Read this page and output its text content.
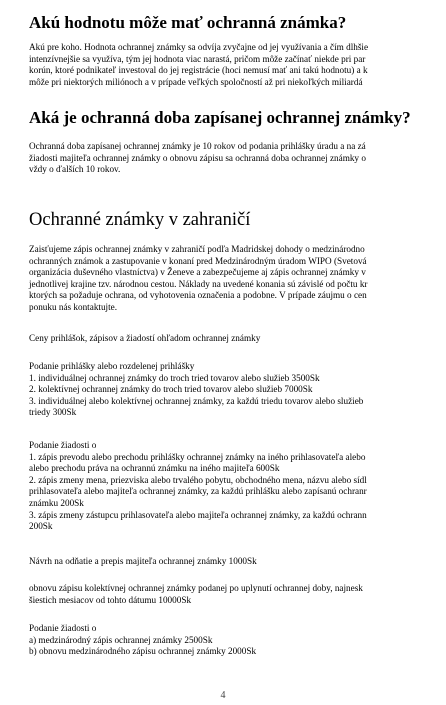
Akú hodnotu môže mať ochranná známka?

Akú pre koho. Hodnota ochrannej známky sa odvíja zvyčajne od jej využívania a čím dlhšie
intenzívnejšie sa využíva, tým jej hodnota viac narastá, pričom môže začínať niekde pri par
korún, ktoré podnikateľ investoval do jej registrácie (hoci nemusí mať ani takú hodnotu) a k
môže pri niektorých miliónoch a v prípade veľkých spoločností až pri niekoľkých miliardá

Aká je ochranná doba zapísanej ochrannej známky?

Ochranná doba zapísanej ochrannej známky je 10 rokov od podania prihlášky úradu a na zá
žiadosti majiteľa ochrannej známky o obnovu zápisu sa ochranná doba ochrannej známky o
vždy o ďalších 10 rokov.

Ochranné známky v zahraničí

Zaisťujeme zápis ochrannej známky v zahraničí podľa Madridskej dohody o medzinárodno
ochranných známok a zastupovanie v konaní pred Medzinárodným úradom WIPO (Svetová
organizácia duševného vlastníctva) v Ženeve a zabezpečujeme aj zápis ochrannej známky v
jednotlivej krajine tzv. národnou cestou. Náklady na uvedené konania sú závislé od počtu kr
ktorých sa požaduje ochrana, od vyhotovenia označenia a podobne. V prípade záujmu o cen
ponuku nás kontaktujte.

Ceny prihlášok, zápisov a žiadostí ohľadom ochrannej známky

Podanie prihlášky alebo rozdelenej prihlášky
1. individuálnej ochrannej známky do troch tried tovarov alebo služieb 3500Sk
2. kolektívnej ochrannej známky do troch tried tovarov alebo služieb 7000Sk
3. individuálnej alebo kolektívnej ochrannej známky, za každú triedu tovarov alebo služieb
triedy 300Sk

Podanie žiadosti o
1. zápis prevodu alebo prechodu prihlášky ochrannej známky na iného prihlasovateľa alebo
alebo prechodu práva na ochrannú známku na iného majiteľa 600Sk
2. zápis zmeny mena, priezviska alebo trvalého pobytu, obchodného mena, názvu alebo sídl
prihlasovateľa alebo majiteľa ochrannej známky, za každú prihlášku alebo zapísanú ochranr
známku 200Sk
3. zápis zmeny zástupcu prihlasovateľa alebo majiteľa ochrannej známky, za každú ochrann
200Sk

Návrh na odňatie a prepis majiteľa ochrannej známky 1000Sk

obnovu zápisu kolektívnej ochrannej známky podanej po uplynutí ochrannej doby, najnesk
šiestich mesiacov od tohto dátumu 10000Sk

Podanie žiadosti o
a) medzinárodný zápis ochrannej známky 2500Sk
b) obnovu medzinárodného zápisu ochrannej známky 2000Sk

4
